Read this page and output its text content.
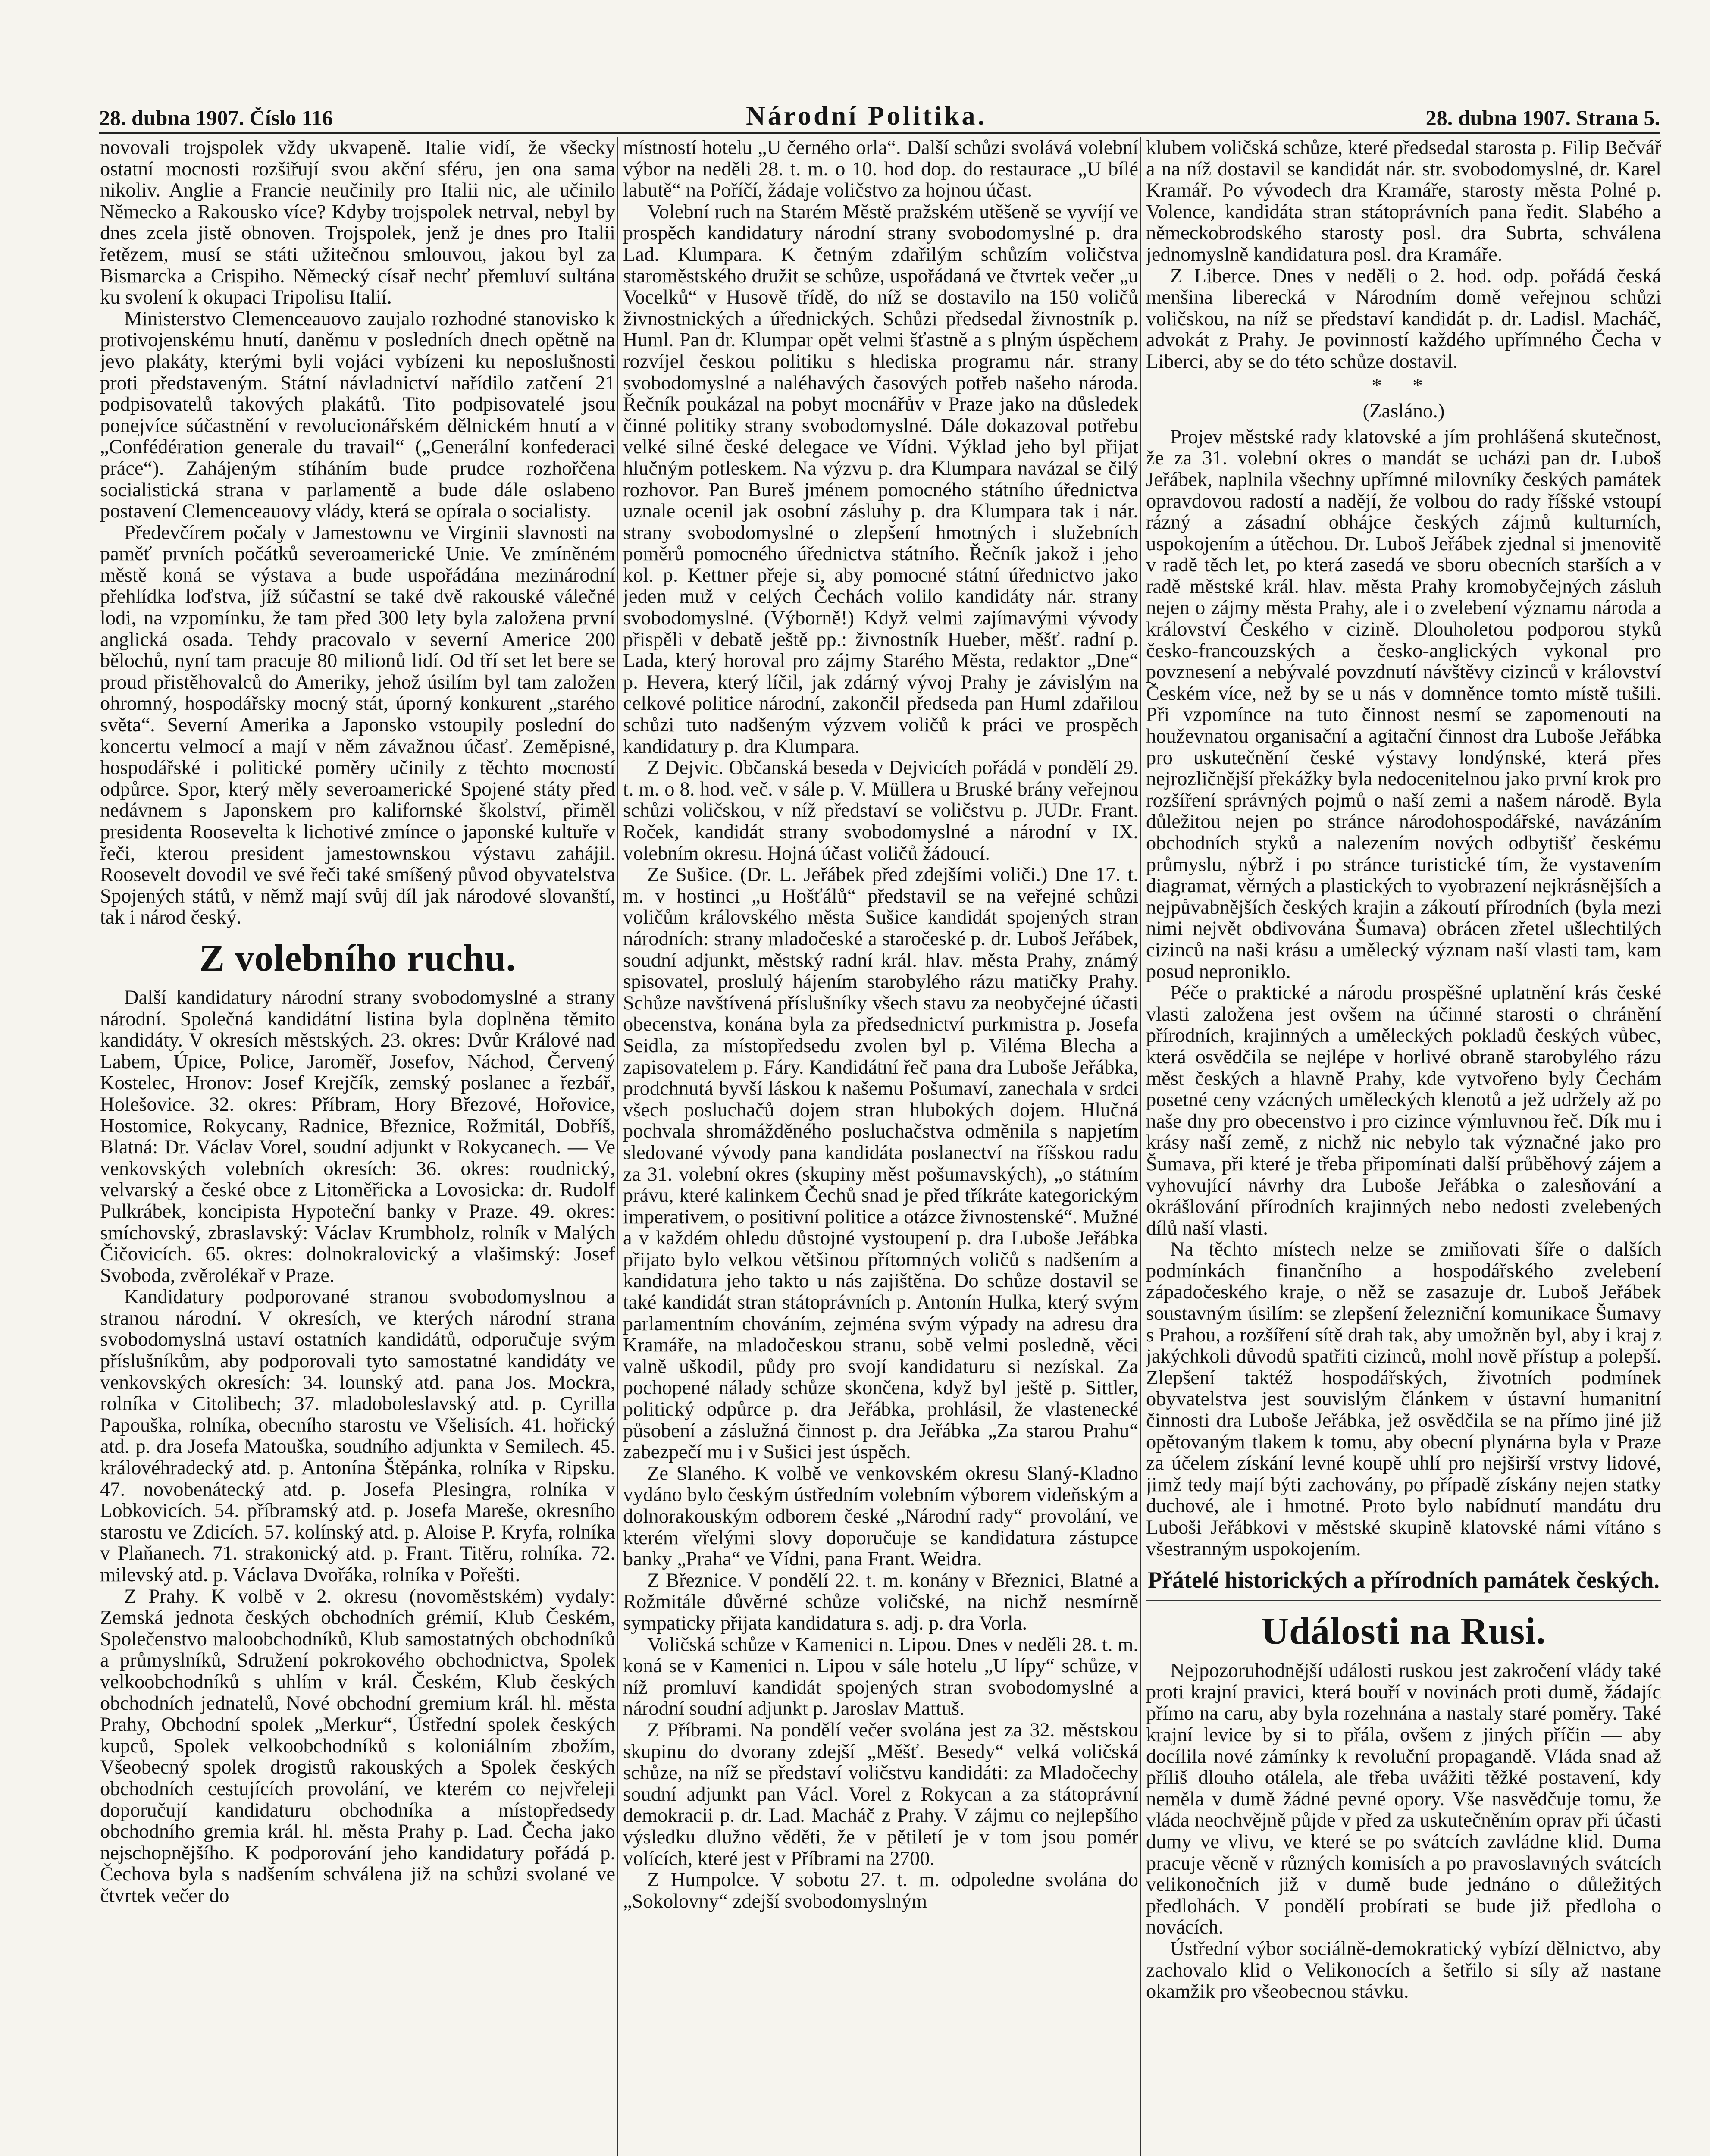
28. dubna 1907. Číslo 116	Národní Politika.	28. dubna 1907. Strana 5.

novovali trojspolek vždy ukvapeně. Italie vidí, že všecky ostatní mocnosti rozšiřují svou akční sféru, jen ona sama nikoliv. Anglie a Francie neučinily pro Italii nic, ale učinilo Německo a Rakousko více? Kdyby trojspolek netrval, nebyl by dnes zcela jistě obnoven. Trojspolek, jenž je dnes pro Italii řetězem, musí se státi užitečnou smlouvou, jakou byl za Bismarcka a Crispiho. Německý císař nechť přemluví sultána ku svolení k okupaci Tripolisu Italií.

Ministerstvo Clemenceauovo zaujalo rozhodné stanovisko k protivojenskému hnutí, daněmu v posledních dnech opětně na jevo plakáty, kterými byli vojáci vybízeni ku neposlušnosti proti představeným. Státní návladnictví nařídilo zatčení 21 podpisovatelů takových plakátů. Tito podpisovatelé jsou ponejvíce súčastnění v revolucionářském dělnickém hnutí a v „Confédération generale du travail“ („Generální konfederaci práce“). Zahájeným stíháním bude prudce rozhořčena socialistická strana v parlamentě a bude dále oslabeno postavení Clemenceauovy vlády, která se opírala o socialisty.

Předevčírem počaly v Jamestownu ve Virginii slavnosti na paměť prvních počátků severoamerické Unie. Ve zmíněném městě koná se výstava a bude uspořádána mezinárodní přehlídka loďstva, jíž súčastní se také dvě rakouské válečné lodi, na vzpomínku, že tam před 300 lety byla založena první anglická osada. Tehdy pracovalo v severní Americe 200 bělochů, nyní tam pracuje 80 milionů lidí. Od tří set let bere se proud přistěhovalců do Ameriky, jehož úsilím byl tam založen ohromný, hospodářsky mocný stát, úporný konkurent „starého světa“. Severní Amerika a Japonsko vstoupily poslední do koncertu velmocí a mají v něm závažnou účasť. Zeměpisné, hospodářské i politické poměry učinily z těchto mocností odpůrce. Spor, který měly severoamerické Spojené státy před nedávnem s Japonskem pro kalifornské školství, přiměl presidenta Roosevelta k lichotivé zmínce o japonské kultuře v řeči, kterou president jamestownskou výstavu zahájil. Roosevelt dovodil ve své řeči také smíšený původ obyvatelstva Spojených států, v němž mají svůj díl jak národové slovanští, tak i národ český.

Z volebního ruchu.

Další kandidatury národní strany svobodomyslné a strany národní. Společná kandidátní listina byla doplněna těmito kandidáty. V okresích městských. 23. okres: Dvůr Králové nad Labem, Úpice, Police, Jaroměř, Josefov, Náchod, Červený Kostelec, Hronov: Josef Krejčík, zemský poslanec a řezbář, Holešovice. 32. okres: Příbram, Hory Březové, Hořovice, Hostomice, Rokycany, Radnice, Březnice, Rožmitál, Dobříš, Blatná: Dr. Václav Vorel, soudní adjunkt v Rokycanech. — Ve venkovských volebních okresích: 36. okres: roudnický, velvarský a české obce z Litoměřicka a Lovosicka: dr. Rudolf Pulkrábek, koncipista Hypoteční banky v Praze. 49. okres: smíchovský, zbraslavský: Václav Krumbholz, rolník v Malých Čičovicích. 65. okres: dolnokralovický a vlašimský: Josef Svoboda, zvěrolékař v Praze.

Kandidatury podporované stranou svobodomyslnou a stranou národní. V okresích, ve kterých národní strana svobodomyslná ustaví ostatních kandidátů, odporučuje svým příslušníkům, aby podporovali tyto samostatné kandidáty ve venkovských okresích: 34. lounský atd. pana Jos. Mockra, rolníka v Citolibech; 37. mladoboleslavský atd. p. Cyrilla Papouška, rolníka, obecního starostu ve Všelisích. 41. hořický atd. p. dra Josefa Matouška, soudního adjunkta v Semilech. 45. královéhradecký atd. p. Antonína Štěpánka, rolníka v Ripsku. 47. novobenátecký atd. p. Josefa Plesingra, rolníka v Lobkovicích. 54. příbramský atd. p. Josefa Mareše, okresního starostu ve Zdicích. 57. kolínský atd. p. Aloise P. Kryfa, rolníka v Plaňanech. 71. strakonický atd. p. Frant. Titěru, rolníka. 72. milevský atd. p. Václava Dvořáka, rolníka v Pořešti.

Z Prahy. K volbě v 2. okresu (novoměstském) vydaly: Zemská jednota českých obchodních grémií, Klub Českém, Společenstvo maloobchodníků, Klub samostatných obchodníků a průmyslníků, Sdružení pokrokového obchodnictva, Spolek velkoobchodníků s uhlím v král. Českém, Klub českých obchodních jednatelů, Nové obchodní gremium král. hl. města Prahy, Obchodní spolek „Merkur“, Ústřední spolek českých kupců, Spolek velkoobchodníků s koloniálním zbožím, Všeobecný spolek drogistů rakouských a Spolek českých obchodních cestujících provolání, ve kterém co nejvřeleji doporučují kandidaturu obchodníka a místopředsedy obchodního gremia král. hl. města Prahy p. Lad. Čecha jako nejschopnějšího. K podporování jeho kandidatury pořádá p. Čechova byla s nadšením schválena již na schůzi svolané ve čtvrtek večer do

místností hotelu „U černého orla“. Další schůzi svolává volební výbor na neděli 28. t. m. o 10. hod dop. do restaurace „U bílé labutě“ na Poříčí, žádaje voličstvo za hojnou účast.

Volební ruch na Starém Městě pražském utěšeně se vyvíjí ve prospěch kandidatury národní strany svobodomyslné p. dra Lad. Klumpara. K četným zdařilým schůzím voličstva staroměstského družit se schůze, uspořádaná ve čtvrtek večer „u Vocelků“ v Husově třídě, do níž se dostavilo na 150 voličů živnostnických a úřednických. Schůzi předsedal živnostník p. Huml. Pan dr. Klumpar opět velmi šťastně a s plným úspěchem rozvíjel českou politiku s hlediska programu nár. strany svobodomyslné a naléhavých časových potřeb našeho národa. Řečník poukázal na pobyt mocnářův v Praze jako na důsledek činné politiky strany svobodomyslné. Dále dokazoval potřebu velké silné české delegace ve Vídni. Výklad jeho byl přijat hlučným potleskem. Na výzvu p. dra Klumpara navázal se čilý rozhovor. Pan Bureš jménem pomocného státního úřednictva uznale ocenil jak osobní zásluhy p. dra Klumpara tak i nár. strany svobodomyslné o zlepšení hmotných i služebních poměrů pomocného úřednictva státního. Řečník jakož i jeho kol. p. Kettner přeje si, aby pomocné státní úřednictvo jako jeden muž v celých Čechách volilo kandidáty nár. strany svobodomyslné. (Výborně!) Když velmi zajímavými vývody přispěli v debatě ještě pp.: živnostník Hueber, měšť. radní p. Lada, který horoval pro zájmy Starého Města, redaktor „Dne“ p. Hevera, který líčil, jak zdárný vývoj Prahy je závislým na celkové politice národní, zakončil předseda pan Huml zdařilou schůzi tuto nadšeným výzvem voličů k práci ve prospěch kandidatury p. dra Klumpara.

Z Dejvic. Občanská beseda v Dejvicích pořádá v pondělí 29. t. m. o 8. hod. več. v sále p. V. Müllera u Bruské brány veřejnou schůzi voličskou, v níž představí se voličstvu p. JUDr. Frant. Roček, kandidát strany svobodomyslné a národní v IX. volebním okresu. Hojná účast voličů žádoucí.

Ze Sušice. (Dr. L. Jeřábek před zdejšími voliči.) Dne 17. t. m. v hostinci „u Hošťálů“ představil se na veřejné schůzi voličům královského města Sušice kandidát spojených stran národních: strany mladočeské a staročeské p. dr. Luboš Jeřábek, soudní adjunkt, městský radní král. hlav. města Prahy, známý spisovatel, proslulý hájením starobylého rázu matičky Prahy. Schůze navštívená příslušníky všech stavu za neobyčejné účasti obecenstva, konána byla za předsednictví purkmistra p. Josefa Seidla, za místopředsedu zvolen byl p. Viléma Blecha a zapisovatelem p. Fáry. Kandidátní řeč pana dra Luboše Jeřábka, prodchnutá byvší láskou k našemu Pošumaví, zanechala v srdci všech posluchačů dojem stran hlubokých dojem. Hlučná pochvala shromážděného posluchačstva odměnila s napjetím sledované vývody pana kandidáta poslanectví na říšskou radu za 31. volební okres (skupiny měst pošumavských), „o státním právu, které kalinkem Čechů snad je před tříkráte kategorickým imperativem, o positivní politice a otázce živnostenské“. Mužné a v každém ohledu důstojné vystoupení p. dra Luboše Jeřábka přijato bylo velkou většinou přítomných voličů s nadšením a kandidatura jeho takto u nás zajištěna. Do schůze dostavil se také kandidát stran státoprávních p. Antonín Hulka, který svým parlamentním chováním, zejména svým výpady na adresu dra Kramáře, na mladočeskou stranu, sobě velmi posledně, věci valně uškodil, půdy pro svojí kandidaturu si nezískal. Za pochopené nálady schůze skončena, když byl ještě p. Sittler, politický odpůrce p. dra Jeřábka, prohlásil, že vlastenecké působení a záslužná činnost p. dra Jeřábka „Za starou Prahu“ zabezpečí mu i v Sušici jest úspěch.

Ze Slaného. K volbě ve venkovském okresu Slaný-Kladno vydáno bylo českým ústředním volebním výborem videňským a dolnorakouským odborem české „Národní rady“ provolání, ve kterém vřelými slovy doporučuje se kandidatura zástupce banky „Praha“ ve Vídni, pana Frant. Weidra.

Z Březnice. V pondělí 22. t. m. konány v Březnici, Blatné a Rožmitále důvěrné schůze voličské, na nichž nesmírně sympaticky přijata kandidatura s. adj. p. dra Vorla.

Voličská schůze v Kamenici n. Lipou. Dnes v neděli 28. t. m. koná se v Kamenici n. Lipou v sále hotelu „U lípy“ schůze, v níž promluví kandidát spojených stran svobodomyslné a národní soudní adjunkt p. Jaroslav Mattuš.

Z Příbrami. Na pondělí večer svolána jest za 32. městskou skupinu do dvorany zdejší „Měšť. Besedy“ velká voličská schůze, na níž se představí voličstvu kandidáti: za Mladočechy soudní adjunkt pan Václ. Vorel z Rokycan a za státoprávní demokracii p. dr. Lad. Macháč z Prahy. V zájmu co nejlepšího výsledku dlužno věděti, že v pětiletí je v tom jsou pomér volících, které jest v Příbrami na 2700.

Z Humpolce. V sobotu 27. t. m. odpoledne svolána do „Sokolovny“ zdejší svobodomyslným

klubem voličská schůze, které předsedal starosta p. Filip Bečvář a na níž dostavil se kandidát nár. str. svobodomyslné, dr. Karel Kramář. Po vývodech dra Kramáře, starosty města Polné p. Volence, kandidáta stran státoprávních pana ředit. Slabého a německobrodského starosty posl. dra Subrta, schválena jednomyslně kandidatura posl. dra Kramáře.

Z Liberce. Dnes v neděli o 2. hod. odp. pořádá česká menšina liberecká v Národním domě veřejnou schůzi voličskou, na níž se představí kandidát p. dr. Ladisl. Macháč, advokát z Prahy. Je povinností každého upřímného Čecha v Liberci, aby se do této schůze dostavil.

* *
(Zasláno.)

Projev městské rady klatovské a jím prohlášená skutečnost, že za 31. volební okres o mandát se ucházi pan dr. Luboš Jeřábek, naplnila všechny upřímné milovníky českých památek opravdovou radostí a nadějí, že volbou do rady říšské vstoupí rázný a zásadní obhájce českých zájmů kulturních, uspokojením a útěchou. Dr. Luboš Jeřábek zjednal si jmenovitě v radě těch let, po která zasedá ve sboru obecních starších a v radě městské král. hlav. města Prahy kromobyčejných zásluh nejen o zájmy města Prahy, ale i o zvelebení významu národa a království Českého v cizině. Dlouholetou podporou styků česko-francouzských a česko-anglických vykonal pro povznesení a nebývalé povzdnutí návštěvy cizinců v království Českém více, než by se u nás v domněnce tomto místě tušili. Při vzpomínce na tuto činnost nesmí se zapomenouti na houževnatou organisační a agitační činnost dra Luboše Jeřábka pro uskutečnění české výstavy londýnské, která přes nejrozličnější překážky byla nedocenitelnou jako první krok pro rozšíření správných pojmů o naší zemi a našem národě. Byla důležitou nejen po stránce národohospodářské, navázáním obchodních styků a nalezením nových odbytišť českému průmyslu, nýbrž i po stránce turistické tím, že vystavením diagramat, věrných a plastických to vyobrazení nejkrásnějších a nejpůvabnějších českých krajin a zákoutí přírodních (byla mezi nimi největ obdivována Šumava) obrácen zřetel ušlechtilých cizinců na naši krásu a umělecký význam naší vlasti tam, kam posud neproniklo.

Péče o praktické a národu prospěšné uplatnění krás české vlasti založena jest ovšem na účinné starosti o chránění přírodních, krajinných a uměleckých pokladů českých vůbec, která osvědčila se nejlépe v horlivé obraně starobylého rázu měst českých a hlavně Prahy, kde vytvořeno byly Čechám posetné ceny vzácných uměleckých klenotů a jež udržely až po naše dny pro obecenstvo i pro cizince výmluvnou řeč. Dík mu i krásy naší země, z nichž nic nebylo tak význačné jako pro Šumava, při které je třeba připomínati další průběhový zájem a vyhovující návrhy dra Luboše Jeřábka o zalesňování a okrášlování přírodních krajinných nebo nedosti zvelebených dílů naší vlasti.

Na těchto místech nelze se zmiňovati šíře o dalších podmínkách finančního a hospodářského zvelebení západočeského kraje, o něž se zasazuje dr. Luboš Jeřábek soustavným úsilím: se zlepšení železniční komunikace Šumavy s Prahou, a rozšíření sítě drah tak, aby umožněn byl, aby i kraj z jakýchkoli důvodů spatřiti cizinců, mohl nově přístup a polepší. Zlepšení taktéž hospodářských, životních podmínek obyvatelstva jest souvislým článkem v ústavní humanitní činnosti dra Luboše Jeřábka, jež osvědčila se na přímo jiné již opětovaným tlakem k tomu, aby obecní plynárna byla v Praze za účelem získání levné koupě uhlí pro nejširší vrstvy lidové, jimž tedy mají býti zachovány, po případě získány nejen statky duchové, ale i hmotné. Proto bylo nabídnutí mandátu dru Luboši Jeřábkovi v městské skupině klatovské námi vítáno s všestranným uspokojením.

Přátelé historických a přírodních památek českých.
Události na Rusi.

Nejpozoruhodnější události ruskou jest zakročení vlády také proti krajní pravici, která bouří v novinách proti dumě, žádajíc přímo na caru, aby byla rozehnána a nastaly staré poměry. Také krajní levice by si to přála, ovšem z jiných příčin — aby docílila nové zámínky k revoluční propagandě. Vláda snad až příliš dlouho otálela, ale třeba uvážiti těžké postavení, kdy neměla v dumě žádné pevné opory. Vše nasvědčuje tomu, že vláda neochvějně půjde v před za uskutečněním oprav při účasti dumy ve vlivu, ve které se po svátcích zavládne klid. Duma pracuje věcně v různých komisích a po pravoslavných svátcích velikonočních již v dumě bude jednáno o důležitých předlohách. V pondělí probírati se bude již předloha o novácích.

Ústřední výbor sociálně-demokratický vybízí dělnictvo, aby zachovalo klid o Velikonocích a šetřilo si síly až nastane okamžik pro všeobecnou stávku.
